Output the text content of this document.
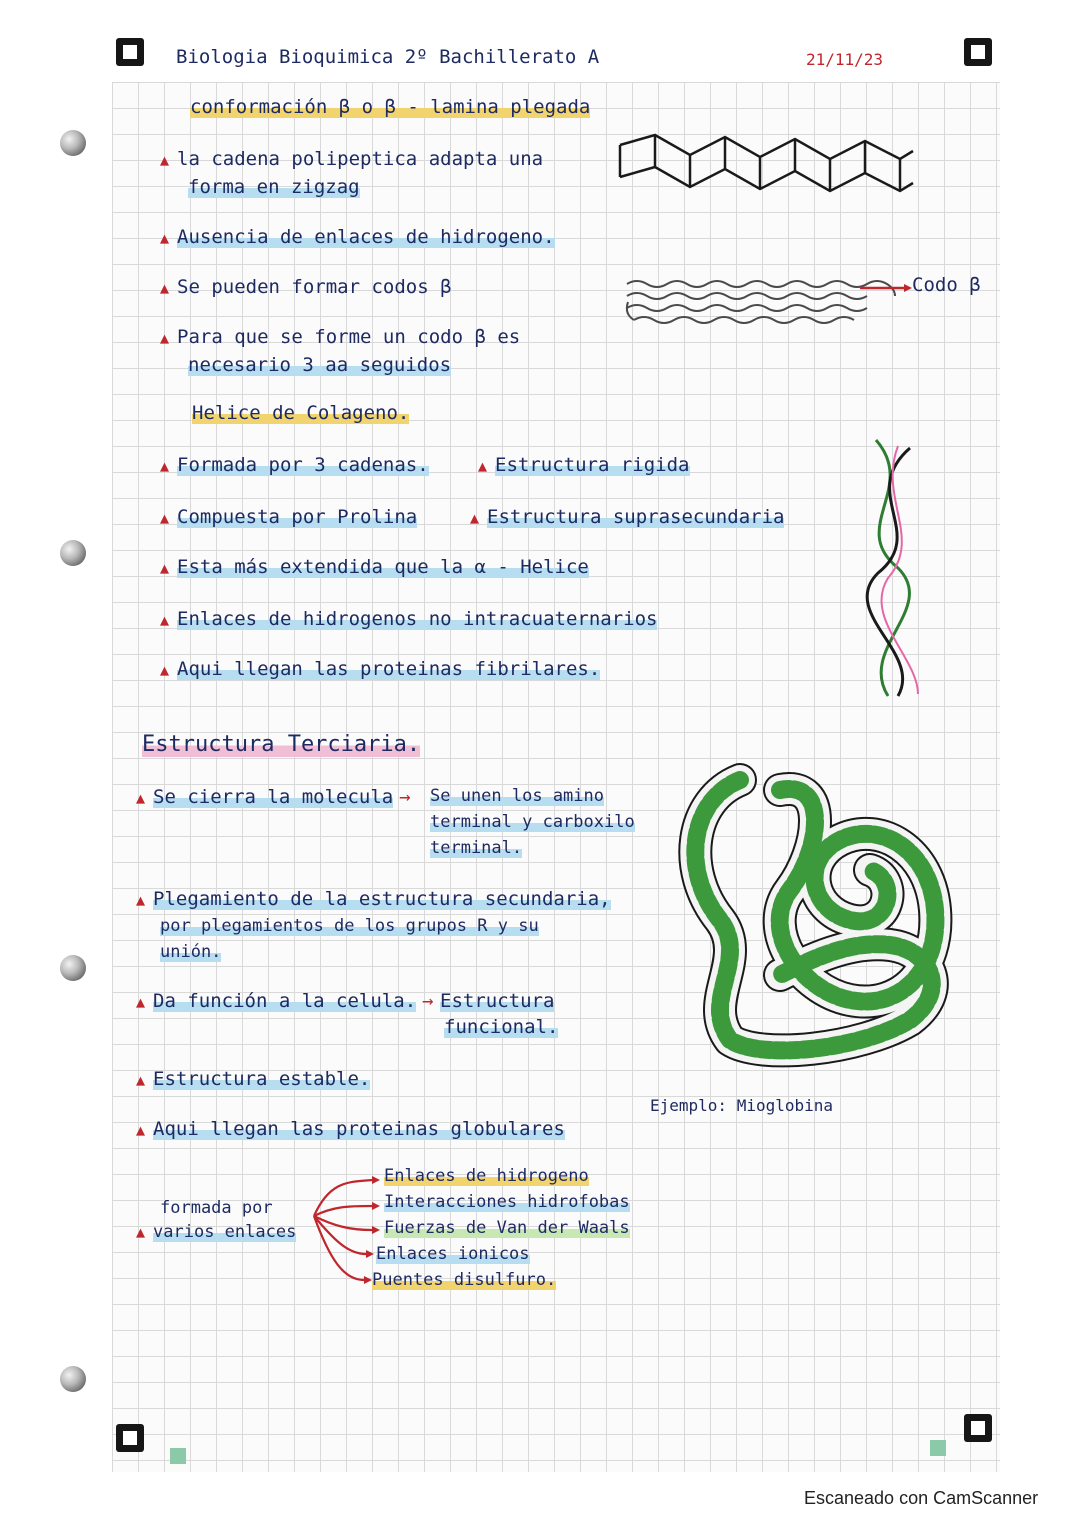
Biologia Bioquimica 2º Bachillerato A	21/11/23
conformación β o β - lamina plegada
▲ la cadena polipeptica adapta una
forma en zigzag
▲ Ausencia de enlaces de hidrogeno.
▲ Se pueden formar codos β
▲ Para que se forme un codo β es
necesario 3 aa seguidos
Codo β
Helice de Colageno.
▲ Formada por 3 cadenas.	▲ Estructura rigida
▲ Compuesta por Prolina	▲ Estructura suprasecundaria
▲ Esta más extendida que la α - Helice
▲ Enlaces de hidrogenos no intracuaternarios
▲ Aqui llegan las proteinas fibrilares.
Estructura Terciaria.
▲ Se cierra la molecula →	Se unen los amino
terminal y carboxilo
terminal.
▲ Plegamiento de la estructura secundaria,
por plegamientos de los grupos R y su
unión.
▲ Da función a la celula. → Estructura
funcional.
▲ Estructura estable.
▲ Aqui llegan las proteinas globulares
formada por
▲ varios enlaces
Enlaces de hidrogeno
Interacciones hidrofobas
Fuerzas de Van der Waals
Enlaces ionicos
Puentes disulfuro.
Ejemplo: Mioglobina
Escaneado con CamScanner
